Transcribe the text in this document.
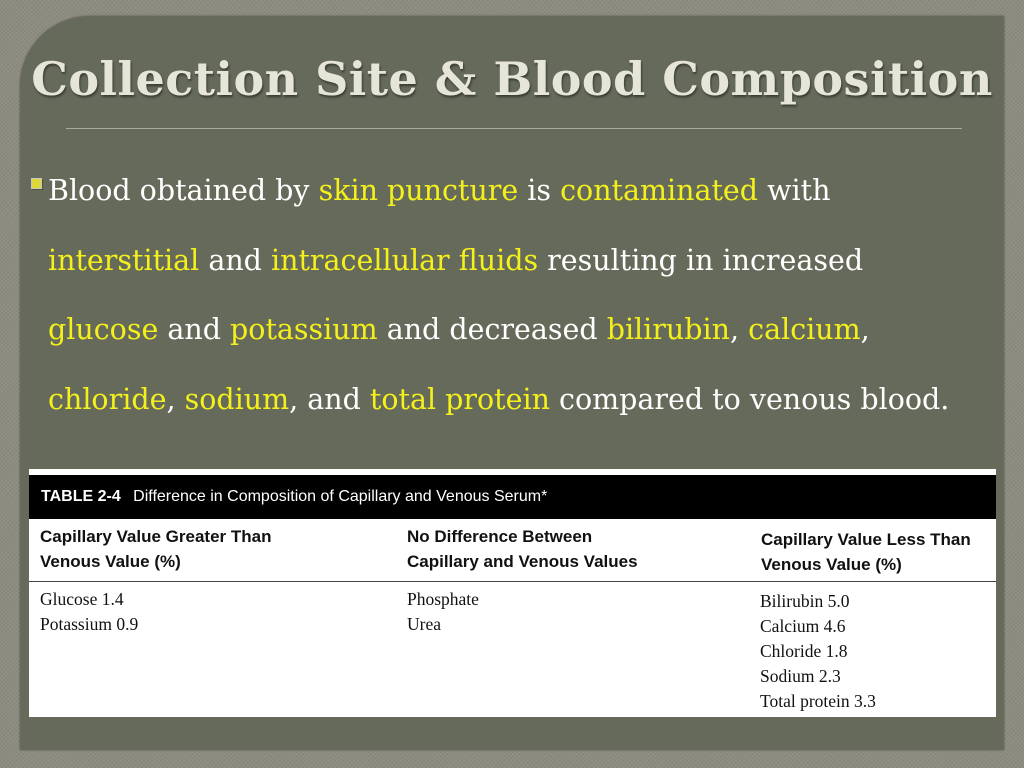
Collection Site & Blood Composition
Blood obtained by skin puncture is contaminated with
interstitial and intracellular fluids resulting in increased
glucose and potassium and decreased bilirubin, calcium,
chloride, sodium, and total protein compared to venous blood.
TABLE 2-4 Difference in Composition of Capillary and Venous Serum*
Capillary Value Greater Than
Venous Value (%)
No Difference Between
Capillary and Venous Values
Capillary Value Less Than
Venous Value (%)
Glucose 1.4
Potassium 0.9
Phosphate
Urea
Bilirubin 5.0
Calcium 4.6
Chloride 1.8
Sodium 2.3
Total protein 3.3
